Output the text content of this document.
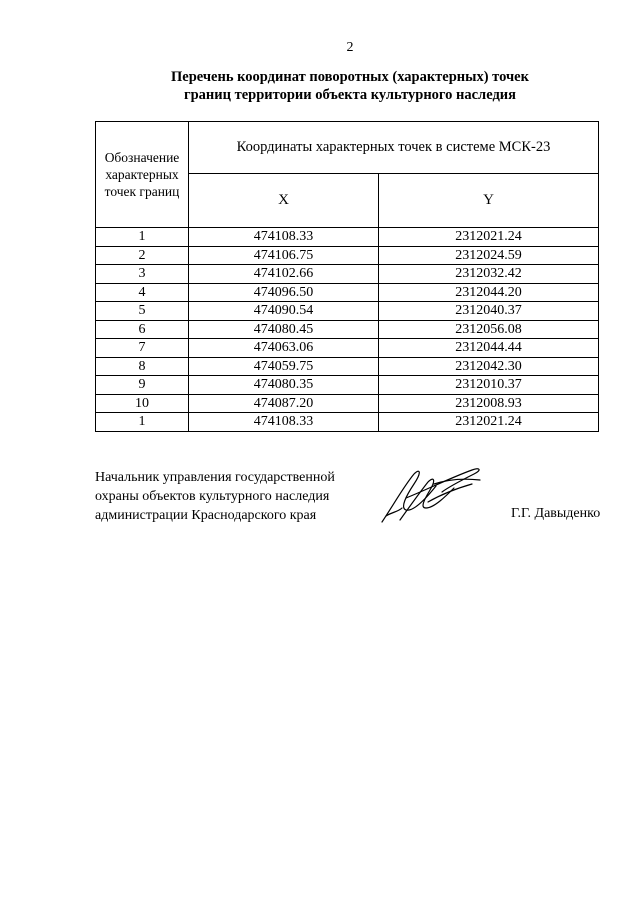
2
Перечень координат поворотных (характерных) точек
границ территории объекта культурного наследия
Обозначение
характерных
точек границ	Координаты характерных точек в системе МСК-23	
	X	Y
1	474108.33	2312021.24
2	474106.75	2312024.59
3	474102.66	2312032.42
4	474096.50	2312044.20
5	474090.54	2312040.37
6	474080.45	2312056.08
7	474063.06	2312044.44
8	474059.75	2312042.30
9	474080.35	2312010.37
10	474087.20	2312008.93
1	474108.33	2312021.24
Начальник управления государственной
охраны объектов культурного наследия
администрации Краснодарского края	Г.Г. Давыденко
